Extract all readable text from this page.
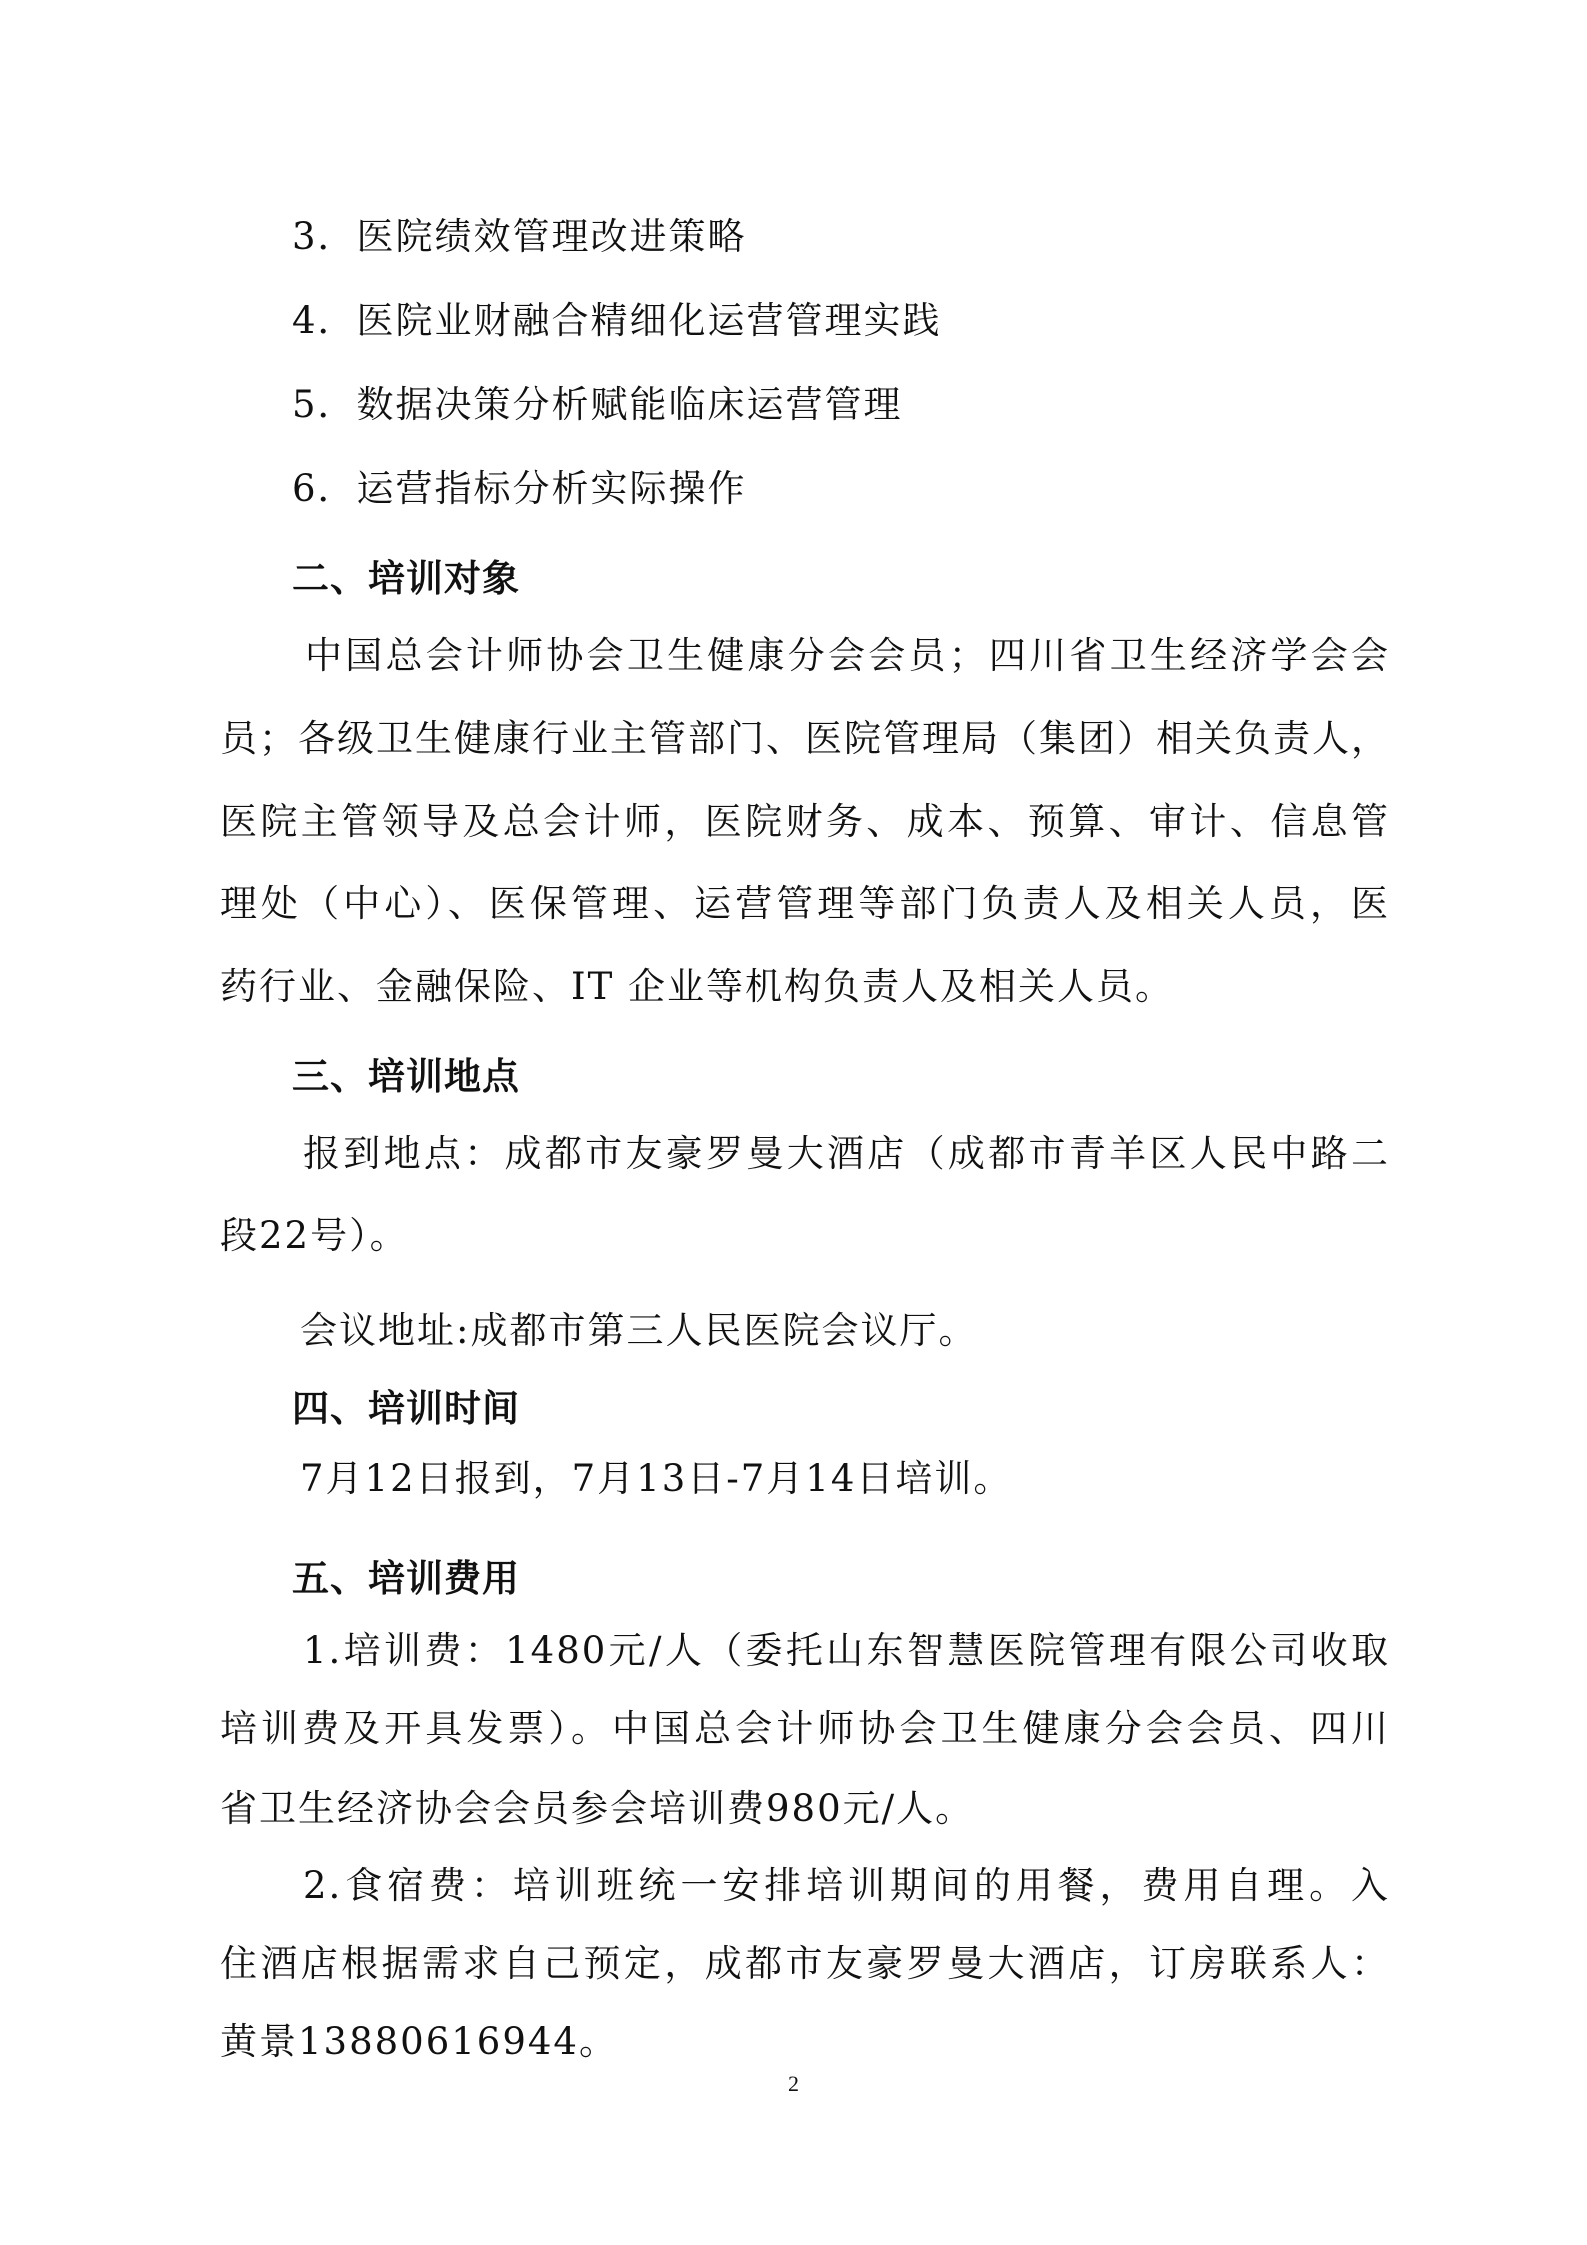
3．医院绩效管理改进策略
4．医院业财融合精细化运营管理实践
5．数据决策分析赋能临床运营管理
6．运营指标分析实际操作
二、培训对象
中国总会计师协会卫生健康分会会员；四川省卫生经济学会会
员；各级卫生健康行业主管部门、医院管理局（集团）相关负责人，
医院主管领导及总会计师，医院财务、成本、预算、审计、信息管
理处（中心）、医保管理、运营管理等部门负责人及相关人员，医
药行业、金融保险、IT 企业等机构负责人及相关人员。
三、培训地点
报到地点：成都市友豪罗曼大酒店（成都市青羊区人民中路二
段22号）。
会议地址:成都市第三人民医院会议厅。
四、培训时间
7月12日报到，7月13日-7月14日培训。
五、培训费用
1.培训费：1480元/人（委托山东智慧医院管理有限公司收取
培训费及开具发票）。中国总会计师协会卫生健康分会会员、四川
省卫生经济协会会员参会培训费980元/人。
2.食宿费：培训班统一安排培训期间的用餐，费用自理。入
住酒店根据需求自己预定，成都市友豪罗曼大酒店，订房联系人：
黄景13880616944。
2
